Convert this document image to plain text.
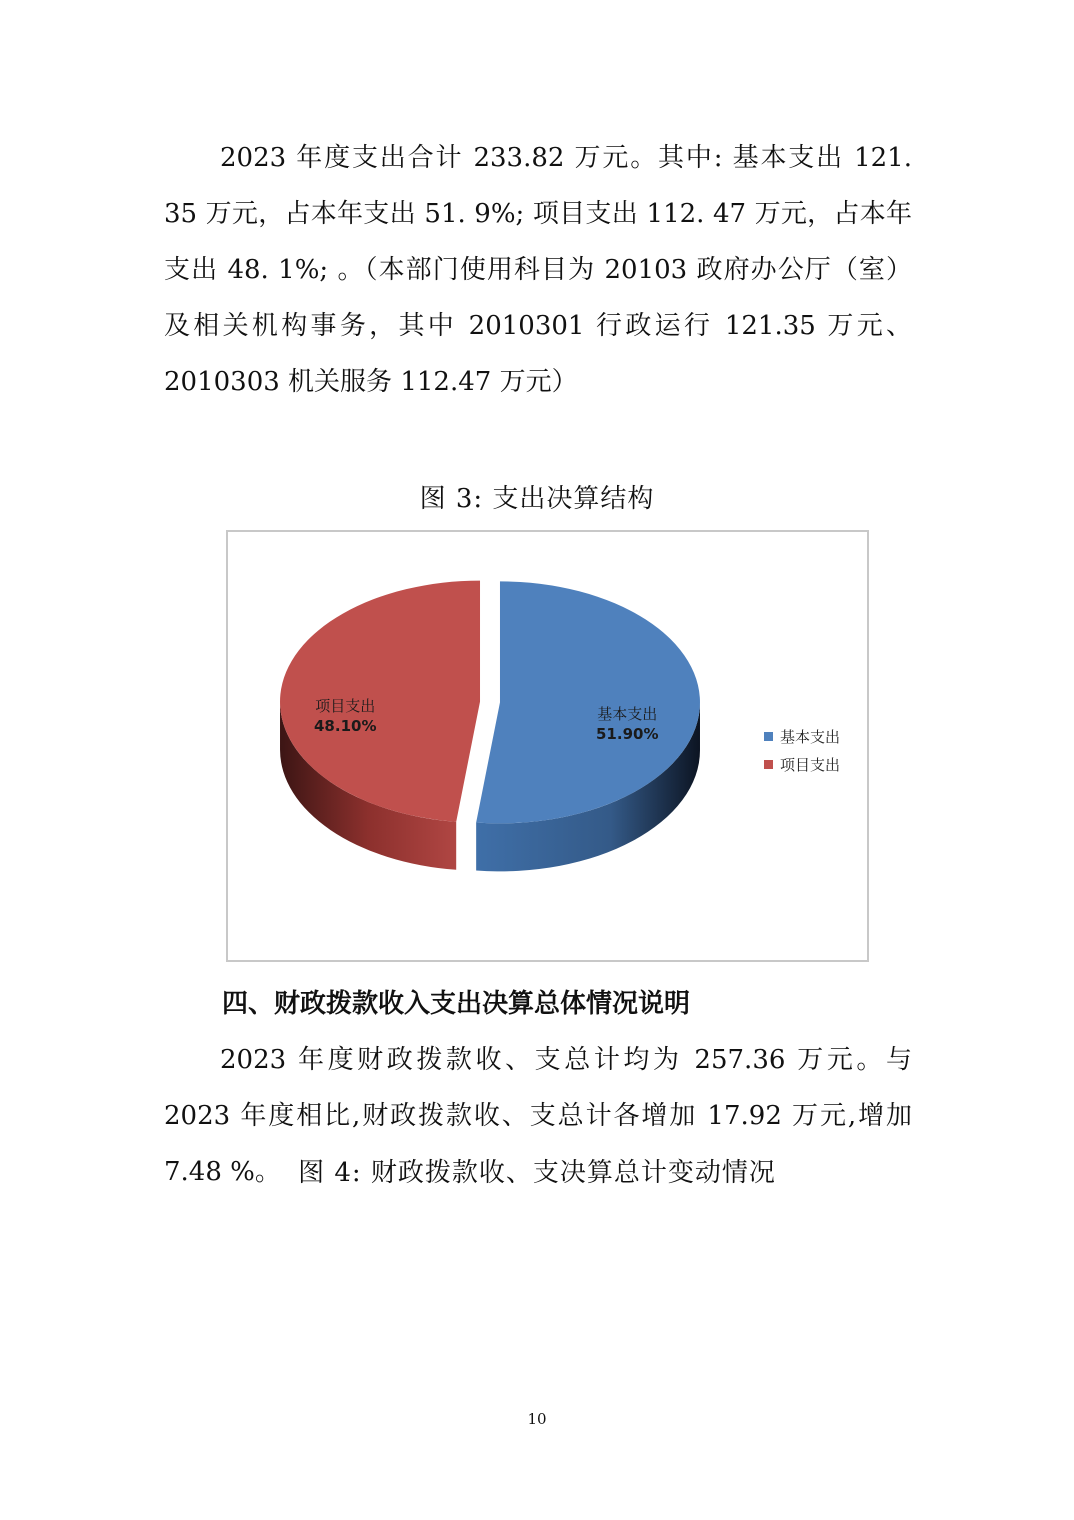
2023 年度支出合计 233.82 万元。其中: 基本支出 121. 35 万元，占本年支出 51. 9%; 项目支出 112. 47 万元，占本年支出 48. 1%; 。（本部门使用科目为 20103 政府办公厅（室）及相关机构事务，其中 2010301 行政运行 121.35 万元、2010303 机关服务 112.47 万元）

图 3: 支出决算结构

基本支出
51.90%
项目支出
48.10%
基本支出
项目支出
四、财政拨款收入支出决算总体情况说明

2023 年度财政拨款收、支总计均为 257.36 万元。与 2023 年度相比,财政拨款收、支总计各增加 17.92 万元,增加 7.48 %。 图 4: 财政拨款收、支决算总计变动情况

10
